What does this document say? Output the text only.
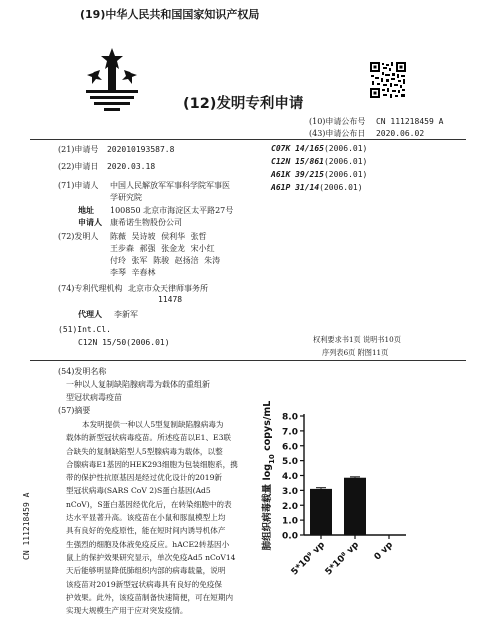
(19)中华人民共和国国家知识产权局
(12)发明专利申请
(10)申请公布号 CN 111218459 A
(43)申请公布日 2020.06.02
(21)申请号 202010193587.8
(22)申请日 2020.03.18
(71)申请人 中国人民解放军军事科学院军事医
学研究院
地址 100850 北京市海淀区太平路27号
申请人 康希诺生物股份公司
(72)发明人 陈薇 吴诗坡 侯利华 张哲
王步森 郝强 张金龙 宋小红
付玲 张军 陈骏 赵扬涪 朱涛
李琴 辛春林
(74)专利代理机构 北京市众天律师事务所
11478
代理人 李新军
(51)Int.Cl.
C12N 15/50(2006.01)
C07K 14/165(2006.01)
C12N 15/861(2006.01)
A61K 39/215(2006.01)
A61P 31/14(2006.01)
权利要求书1页 说明书10页
序列表6页 附图11页
(54)发明名称
一种以人复制缺陷腺病毒为载体的重组新
型冠状病毒疫苗
(57)摘要
本发明提供一种以人5型复制缺陷腺病毒为
载体的新型冠状病毒疫苗。所述疫苗以E1、E3联
合缺失的复制缺陷型人5型腺病毒为载体，以整
合腺病毒E1基因的HEK293细胞为包装细胞系，携
带的保护性抗原基因是经过优化设计的2019新
型冠状病毒(SARS CoV 2)S蛋白基因(Ad5
nCoV)，S蛋白基因经优化后，在转染细胞中的表
达水平显著升高。该疫苗在小鼠和豚鼠模型上均
具有良好的免疫原性，能在短时间内诱导机体产
生强烈的细胞及体液免疫反应。hACE2转基因小
鼠上的保护效果研究显示，单次免疫Ad5 nCoV14
天后能够明显降低肺组织内部的病毒载量，说明
该疫苗对2019新型冠状病毒具有良好的免疫保
护效果。此外，该疫苗制备快速简便，可在短期内
实现大规模生产用于应对突发疫情。
CN 111218459 A	0.0
1.0
2.0
3.0
4.0
5.0
6.0
7.0
8.0
5*10⁹ vp
5*10⁸ vp 0 vp
肺组织病毒载量 $\log_{10}$ copys/mL
